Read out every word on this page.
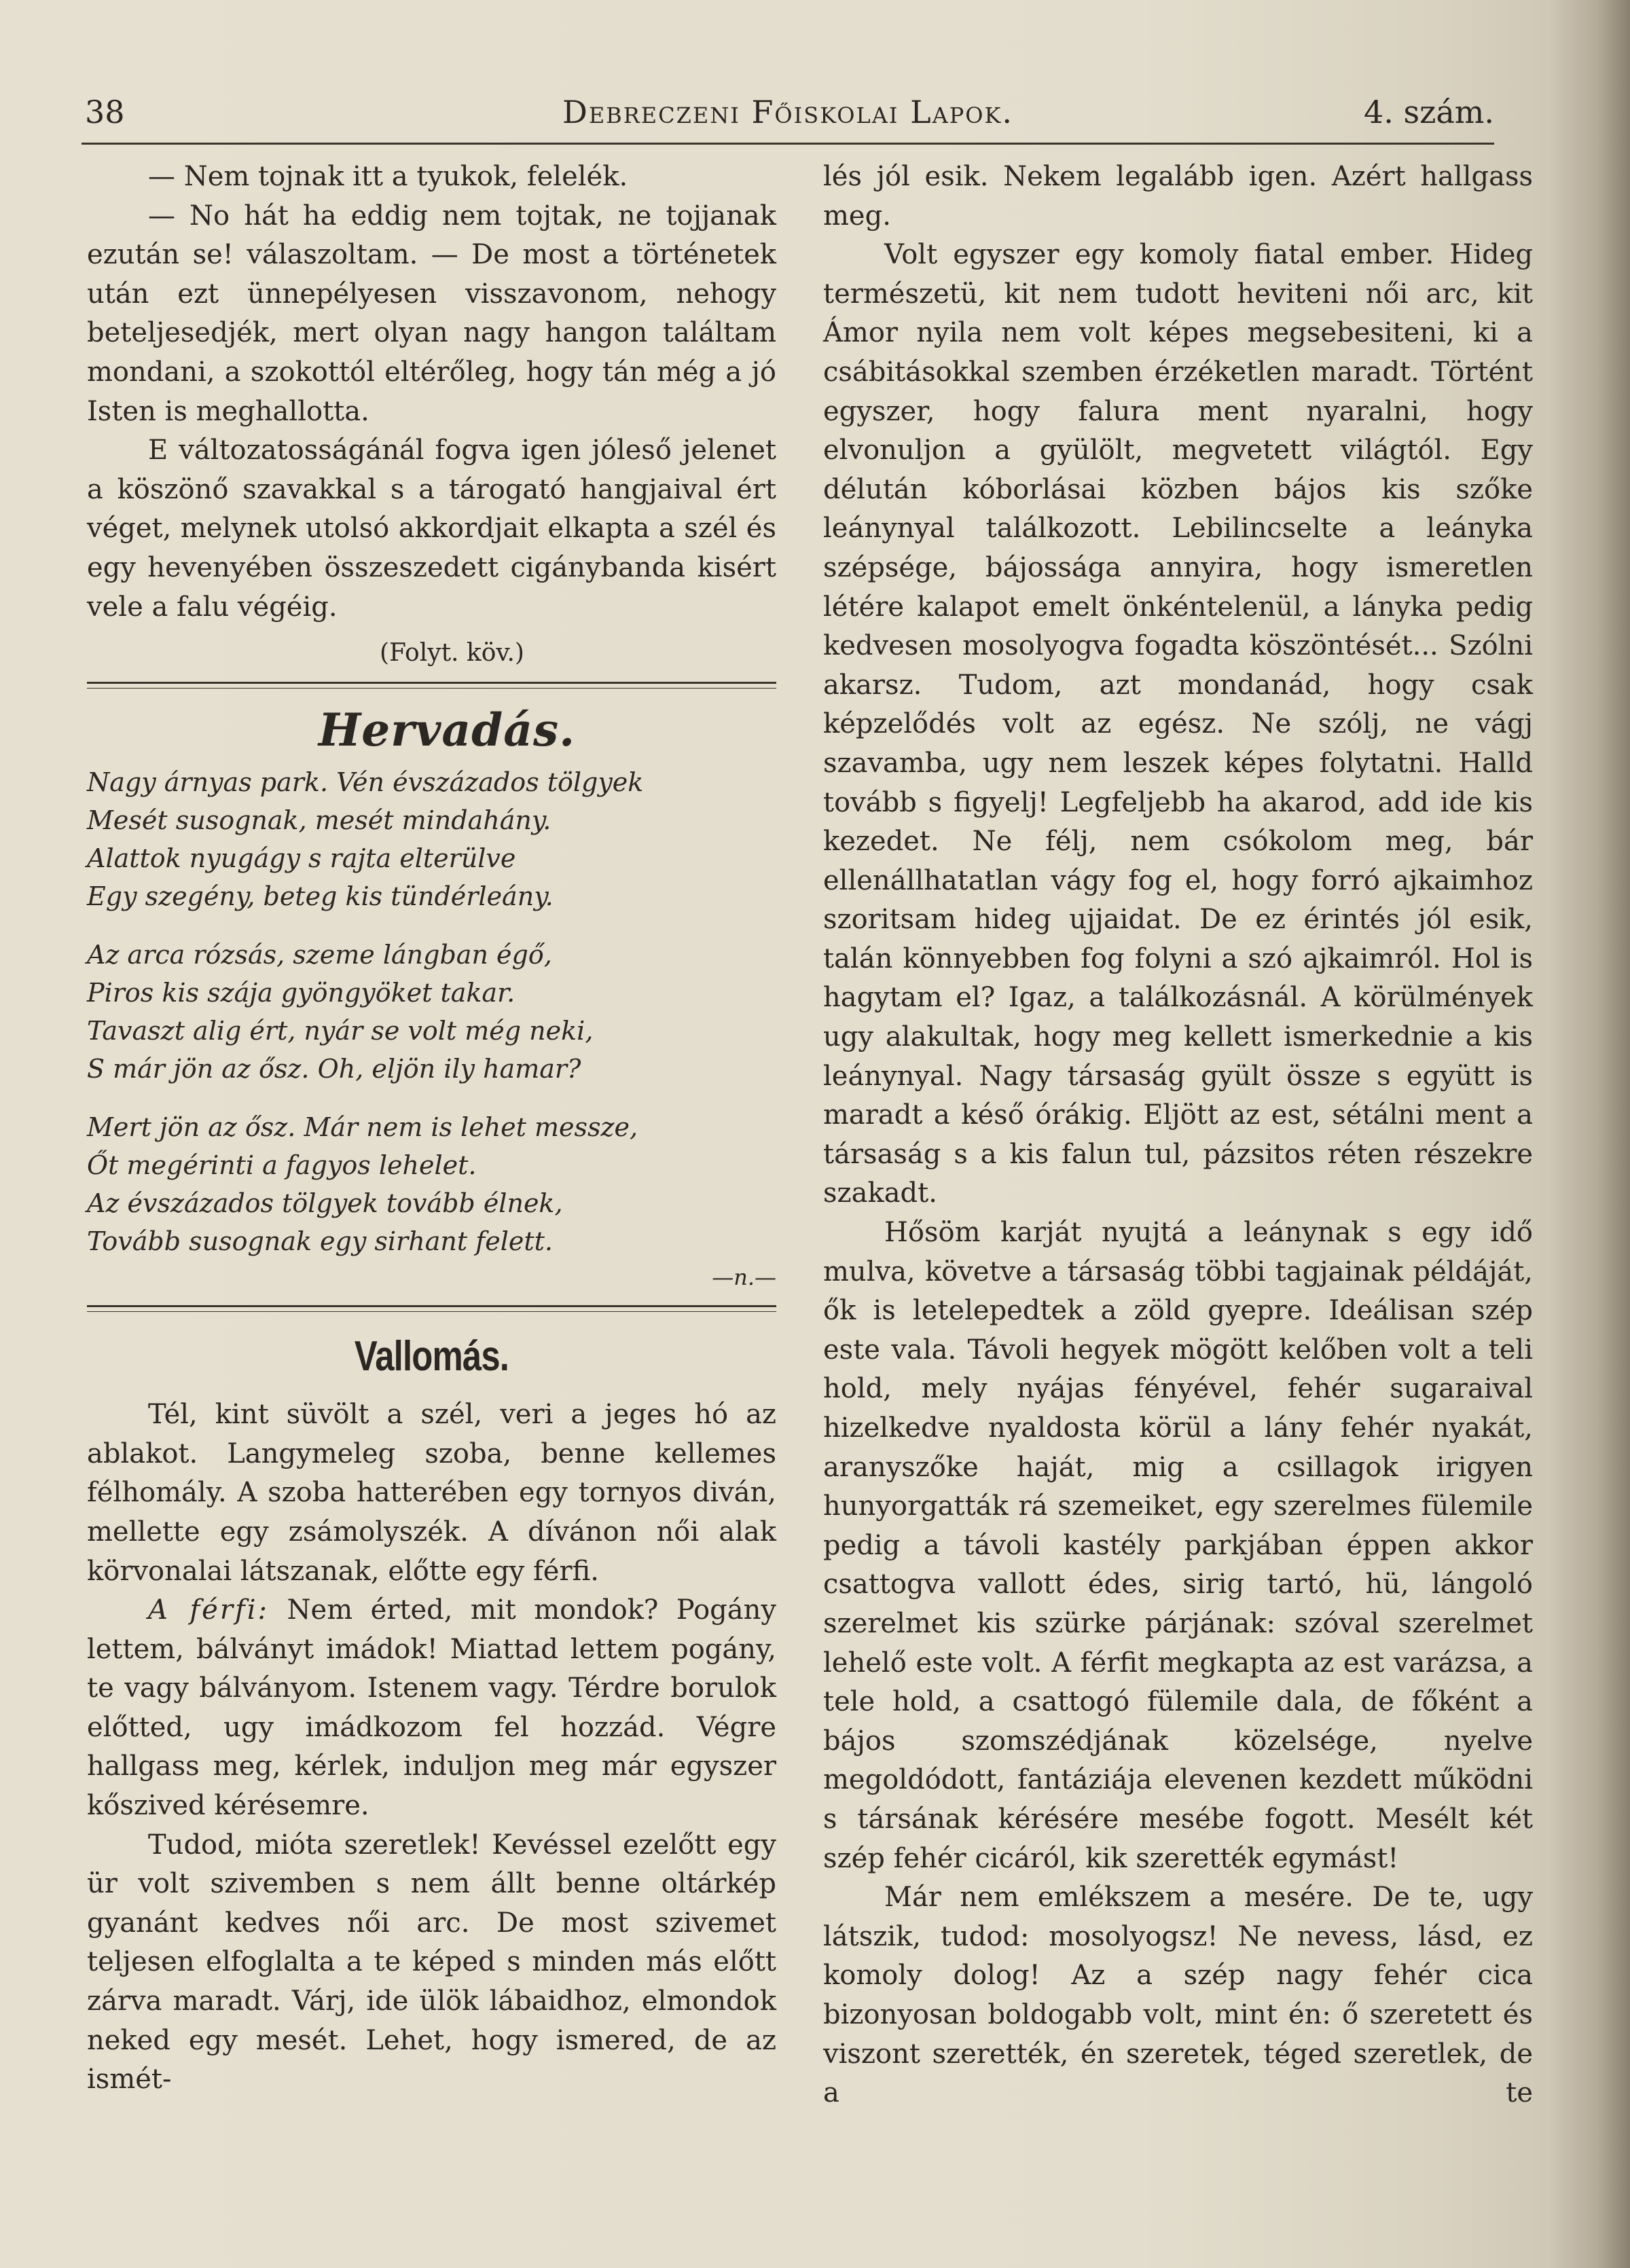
38	Debreczeni Főiskolai Lapok.	4. szám.

— Nem tojnak itt a tyukok, felelék.

— No hát ha eddig nem tojtak, ne tojjanak ezután se! válaszoltam. — De most a történetek után ezt ünnepélyesen visszavonom, nehogy beteljesedjék, mert olyan nagy hangon találtam mondani, a szokottól eltérőleg, hogy tán még a jó Isten is meghallotta.

E változatosságánál fogva igen jóleső jelenet a köszönő szavakkal s a tárogató hangjaival ért véget, melynek utolsó akkordjait elkapta a szél és egy hevenyében összeszedett cigánybanda kisért vele a falu végéig.

(Folyt. köv.)

Hervadás.

Nagy árnyas park. Vén évszázados tölgyek

Mesét susognak, mesét mindahány.

Alattok nyugágy s rajta elterülve

Egy szegény, beteg kis tündérleány.

Az arca rózsás, szeme lángban égő,

Piros kis szája gyöngyöket takar.

Tavaszt alig ért, nyár se volt még neki,

S már jön az ősz. Oh, eljön ily hamar?

Mert jön az ősz. Már nem is lehet messze,

Őt megérinti a fagyos lehelet.

Az évszázados tölgyek tovább élnek,

Tovább susognak egy sirhant felett.

—n.—

Vallomás.

Tél, kint süvölt a szél, veri a jeges hó az ablakot. Langymeleg szoba, benne kellemes félhomály. A szoba hatterében egy tornyos diván, mellette egy zsámolyszék. A dívánon női alak körvonalai látszanak, előtte egy férfi.

A férfi: Nem érted, mit mondok? Pogány lettem, bálványt imádok! Miattad lettem pogány, te vagy bálványom. Istenem vagy. Térdre borulok előtted, ugy imádkozom fel hozzád. Végre hallgass meg, kérlek, induljon meg már egyszer kőszived kérésemre.

Tudod, mióta szeretlek! Kevéssel ezelőtt egy ür volt szivemben s nem állt benne oltárkép gyanánt kedves női arc. De most szivemet teljesen elfoglalta a te képed s minden más előtt zárva maradt. Várj, ide ülök lábaidhoz, elmondok neked egy mesét. Lehet, hogy ismered, de az ismét-

lés jól esik. Nekem legalább igen. Azért hallgass meg.

Volt egyszer egy komoly fiatal ember. Hideg természetü, kit nem tudott heviteni női arc, kit Ámor nyila nem volt képes megsebesiteni, ki a csábitásokkal szemben érzéketlen maradt. Történt egyszer, hogy falura ment nyaralni, hogy elvonuljon a gyülölt, megvetett világtól. Egy délután kóborlásai közben bájos kis szőke leánynyal találkozott. Lebilincselte a leányka szépsége, bájossága annyira, hogy ismeretlen létére kalapot emelt önkéntelenül, a lányka pedig kedvesen mosolyogva fogadta köszöntését... Szólni akarsz. Tudom, azt mondanád, hogy csak képzelődés volt az egész. Ne szólj, ne vágj szavamba, ugy nem leszek képes folytatni. Halld tovább s figyelj! Legfeljebb ha akarod, add ide kis kezedet. Ne félj, nem csókolom meg, bár ellenállhatatlan vágy fog el, hogy forró ajkaimhoz szoritsam hideg ujjaidat. De ez érintés jól esik, talán könnyebben fog folyni a szó ajkaimról. Hol is hagytam el? Igaz, a találkozásnál. A körülmények ugy alakultak, hogy meg kellett ismerkednie a kis leánynyal. Nagy társaság gyült össze s együtt is maradt a késő órákig. Eljött az est, sétálni ment a társaság s a kis falun tul, pázsitos réten részekre szakadt.

Hősöm karját nyujtá a leánynak s egy idő mulva, követve a társaság többi tagjainak példáját, ők is letelepedtek a zöld gyepre. Ideálisan szép este vala. Távoli hegyek mögött kelőben volt a teli hold, mely nyájas fényével, fehér sugaraival hizelkedve nyaldosta körül a lány fehér nyakát, aranyszőke haját, mig a csillagok irigyen hunyorgatták rá szemeiket, egy szerelmes fülemile pedig a távoli kastély parkjában éppen akkor csattogva vallott édes, sirig tartó, hü, lángoló szerelmet kis szürke párjának: szóval szerelmet lehelő este volt. A férfit megkapta az est varázsa, a tele hold, a csattogó fülemile dala, de főként a bájos szomszédjának közelsége, nyelve megoldódott, fantáziája elevenen kezdett működni s társának kérésére mesébe fogott. Mesélt két szép fehér cicáról, kik szerették egymást!

Már nem emlékszem a mesére. De te, ugy látszik, tudod: mosolyogsz! Ne nevess, lásd, ez komoly dolog! Az a szép nagy fehér cica bizonyosan boldogabb volt, mint én: ő szeretett és viszont szerették, én szeretek, téged szeretlek, de a te
